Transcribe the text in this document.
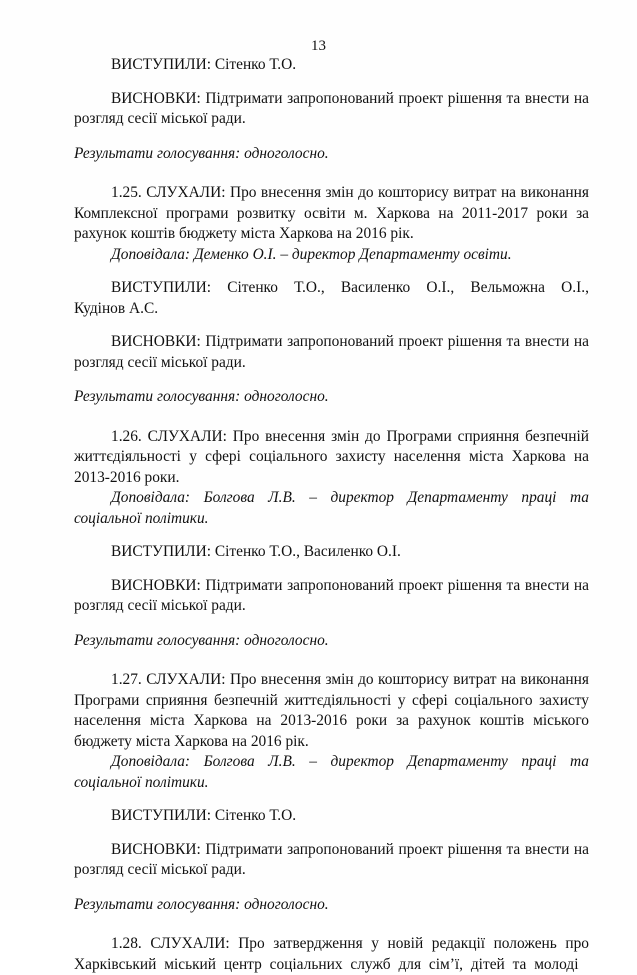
13

ВИСТУПИЛИ: Сітенко Т.О.

ВИСНОВКИ: Підтримати запропонований проект рішення та внести на розгляд сесії міської ради.

Результати голосування: одноголосно.

1.25. СЛУХАЛИ: Про внесення змін до кошторису витрат на виконання Комплексної програми розвитку освіти м. Харкова на 2011-2017 роки за рахунок коштів бюджету міста Харкова на 2016 рік.

Доповідала: Деменко О.І. – директор Департаменту освіти.

ВИСТУПИЛИ: Сітенко Т.О., Василенко О.І., Вельможна О.І.,

Кудінов А.С.

ВИСНОВКИ: Підтримати запропонований проект рішення та внести на розгляд сесії міської ради.

Результати голосування: одноголосно.

1.26. СЛУХАЛИ: Про внесення змін до Програми сприяння безпечній життєдіяльності у сфері соціального захисту населення міста Харкова на 2013-2016 роки.

Доповідала: Болгова Л.В. – директор Департаменту праці та соціальної політики.

ВИСТУПИЛИ: Сітенко Т.О., Василенко О.І.

ВИСНОВКИ: Підтримати запропонований проект рішення та внести на розгляд сесії міської ради.

Результати голосування: одноголосно.

1.27. СЛУХАЛИ: Про внесення змін до кошторису витрат на виконання Програми сприяння безпечній життєдіяльності у сфері соціального захисту населення міста Харкова на 2013-2016 роки за рахунок коштів міського бюджету міста Харкова на 2016 рік.

Доповідала: Болгова Л.В. – директор Департаменту праці та соціальної політики.

ВИСТУПИЛИ: Сітенко Т.О.

ВИСНОВКИ: Підтримати запропонований проект рішення та внести на розгляд сесії міської ради.

Результати голосування: одноголосно.

1.28. СЛУХАЛИ: Про затвердження у новій редакції положень про Харківський міський центр соціальних служб для сім’ї, дітей та молоді
